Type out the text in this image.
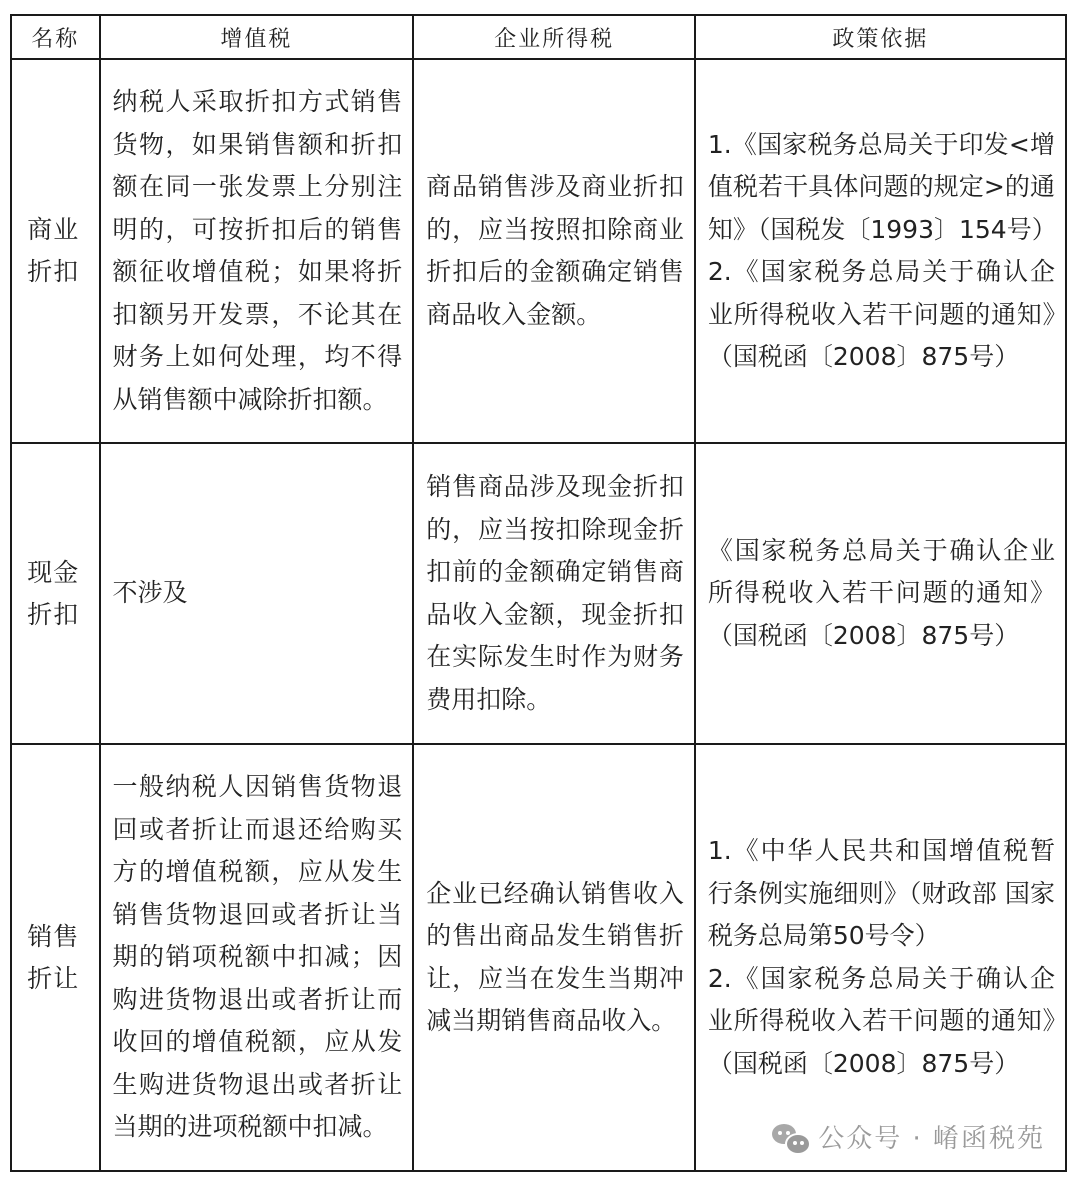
名称	增值税	企业所得税	政策依据
商业折扣	纳税人采取折扣方式销售货物，如果销售额和折扣额在同一张发票上分别注明的，可按折扣后的销售额征收增值税；如果将折扣额另开发票，不论其在财务上如何处理，均不得从销售额中减除折扣额。	商品销售涉及商业折扣的，应当按照扣除商业折扣后的金额确定销售商品收入金额。	1.《国家税务总局关于印发<增值税若干具体问题的规定>的通知》（国税发〔1993〕154号）
2.《国家税务总局关于确认企业所得税收入若干问题的通知》（国税函〔2008〕875号）

现金折扣	不涉及	销售商品涉及现金折扣的，应当按扣除现金折扣前的金额确定销售商品收入金额，现金折扣在实际发生时作为财务费用扣除。	《国家税务总局关于确认企业所得税收入若干问题的通知》（国税函〔2008〕875号）

销售折让	一般纳税人因销售货物退回或者折让而退还给购买方的增值税额，应从发生销售货物退回或者折让当期的销项税额中扣减；因购进货物退出或者折让而收回的增值税额，应从发生购进货物退出或者折让当期的进项税额中扣减。	企业已经确认销售收入的售出商品发生销售折让，应当在发生当期冲减当期销售商品收入。	1.《中华人民共和国增值税暂行条例实施细则》（财政部 国家税务总局第50号令）
2.《国家税务总局关于确认企业所得税收入若干问题的通知》（国税函〔2008〕875号）
公众号 · 崤函税苑
